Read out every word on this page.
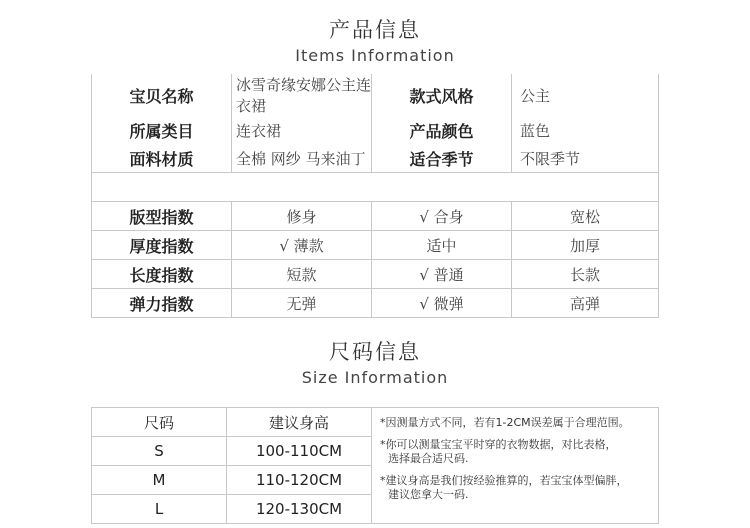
产品信息
Items Information
宝贝名称	冰雪奇缘安娜公主连衣裙	款式风格	公主
所属类目	连衣裙	产品颜色	蓝色
面料材质	全棉 网纱 马来油丁	适合季节	不限季节

版型指数	修身	√ 合身	宽松
厚度指数	√ 薄款	适中	加厚
长度指数	短款	√ 普通	长款
弹力指数	无弹	√ 微弹	高弹
尺码信息
Size Information
尺码	建议身高	*因测量方式不同，若有1-2CM误差属于合理范围。

*你可以测量宝宝平时穿的衣物数据，对比表格，

选择最合适尺码.

*建议身高是我们按经验推算的，若宝宝体型偏胖，

建议您拿大一码.

S	100-110CM	
M	110-120CM	
L	120-130CM	
